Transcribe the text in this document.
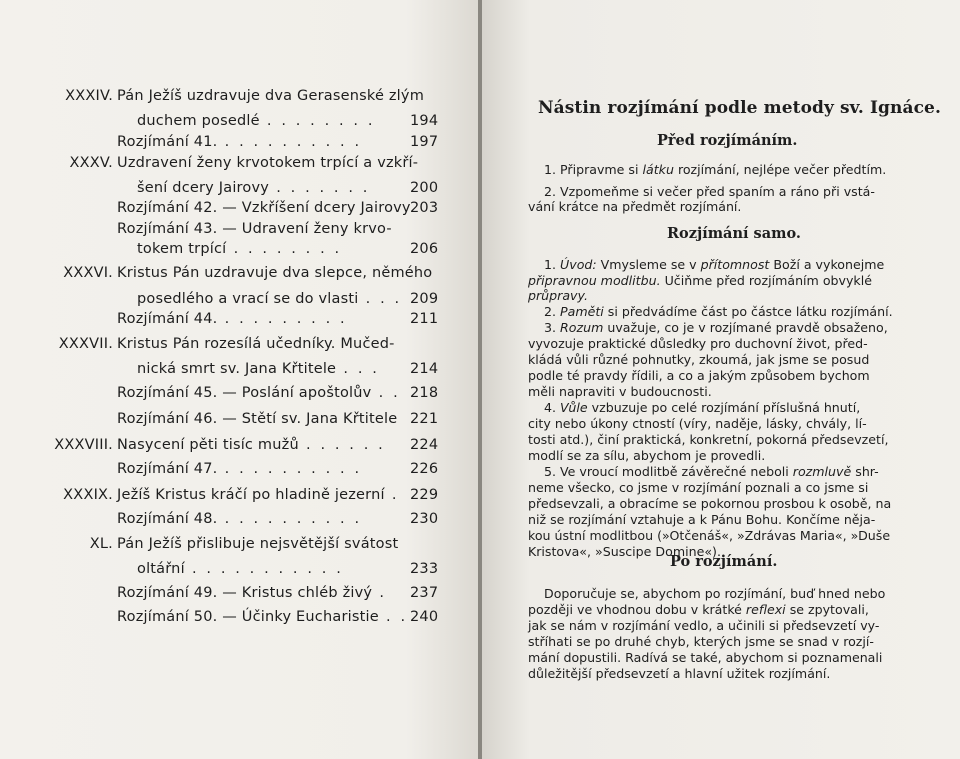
XXXIV. Pán Ježíš uzdravuje dva Gerasenské zlým
duchem posedlé . . . . . . . . 194
Rozjímání 41. . . . . . . . . . .	197
XXXV. Uzdravení ženy krvotokem trpící a vzkří-
šení dcery Jairovy . . . . . . .	200
Rozjímání 42. — Vzkříšení dcery Jairovy 203
Rozjímání 43. — Udravení ženy krvo-
tokem trpící . . . . . . . .	206
XXXVI. Kristus Pán uzdravuje dva slepce, němého
posedlého a vrací se do vlasti . . . 209
Rozjímání 44. . . . . . . . . .	211
XXXVII. Kristus Pán rozesílá učedníky. Mučed-
nická smrt sv. Jana Křtitele . . . 214
Rozjímání 45. — Poslání apoštolův . . 218
Rozjímání 46. — Stětí sv. Jana Křtitele 221
XXXVIII. Nasycení pěti tisíc mužů . . . . . . 224
Rozjímání 47. . . . . . . . . . .	226
XXXIX. Ježíš Kristus kráčí po hladině jezerní . 229
Rozjímání 48. . . . . . . . . . .	230
XL. Pán Ježíš přislibuje nejsvětější svátost
oltářní . . . . . . . . . . .	233
Rozjímání 49. — Kristus chléb živý . 237
Rozjímání 50. — Účinky Eucharistie . . 240
Nástin rozjímání podle metody sv. Ignáce.
Před rozjímáním.
Rozjímání samo.
Po rozjímání.
1. Připravme si látku rozjímání, nejlépe večer předtím.
2. Vzpomeňme si večer před spaním a ráno při vstá-
vání krátce na předmět rozjímání.
1. Úvod: Vmysleme se v přítomnost Boží a vykonejme
připravnou modlitbu. Učiňme před rozjímáním obvyklé
průpravy.
2. Paměti si předvádíme část po částce látku rozjímání.
3. Rozum uvažuje, co je v rozjímané pravdě obsaženo,
vyvozuje praktické důsledky pro duchovní život, před-
kládá vůli různé pohnutky, zkoumá, jak jsme se posud
podle té pravdy řídili, a co a jakým způsobem bychom
měli napraviti v budoucnosti.
4. Vůle vzbuzuje po celé rozjímání příslušná hnutí,
city nebo úkony ctností (víry, naděje, lásky, chvály, lí-
tosti atd.), činí praktická, konkretní, pokorná předsevzetí,
modlí se za sílu, abychom je provedli.
5. Ve vroucí modlitbě závěrečné neboli rozmluvě shr-
neme všecko, co jsme v rozjímání poznali a co jsme si
předsevzali, a obracíme se pokornou prosbou k osobě, na
niž se rozjímání vztahuje a k Pánu Bohu. Končíme něja-
kou ústní modlitbou (»Otčenáš«, »Zdrávas Maria«, »Duše
Kristova«, »Suscipe Domine«).
Doporučuje se, abychom po rozjímání, buď hned nebo
později ve vhodnou dobu v krátké reflexi se zpytovali,
jak se nám v rozjímání vedlo, a učinili si předsevzetí vy-
stříhati se po druhé chyb, kterých jsme se snad v rozjí-
mání dopustili. Radívá se také, abychom si poznamenali
důležitější předsevzetí a hlavní užitek rozjímání.
